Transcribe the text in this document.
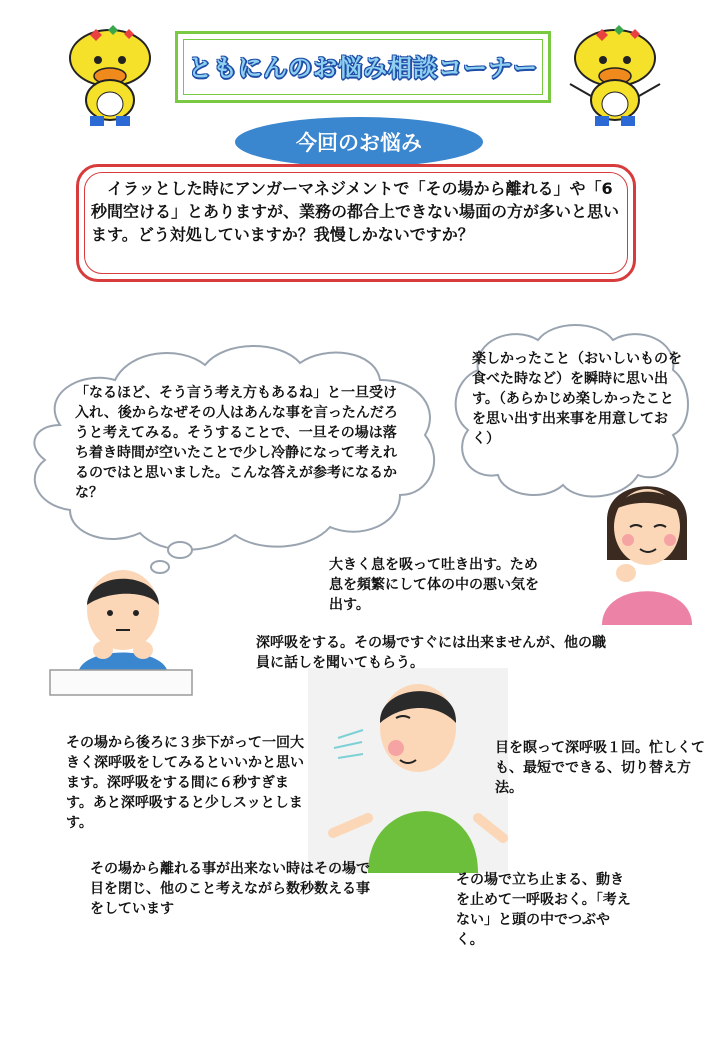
ともにんのお悩み相談コーナー
今回のお悩み
イラッとした時にアンガーマネジメントで「その場から離れる」や「6秒間空ける」とありますが、業務の都合上できない場面の方が多いと思います。どう対処していますか？我慢しかないですか？
「なるほど、そう言う考え方もあるね」と一旦受け入れ、後からなぜその人はあんな事を言ったんだろうと考えてみる。そうすることで、一旦その場は落ち着き時間が空いたことで少し冷静になって考えれるのではと思いました。こんな答えが参考になるかな？
楽しかったこと（おいしいものを食べた時など）を瞬時に思い出す。（あらかじめ楽しかったことを思い出す出来事を用意しておく）
大きく息を吸って吐き出す。ため息を頻繁にして体の中の悪い気を出す。
深呼吸をする。その場ですぐには出来ませんが、他の職員に話しを聞いてもらう。
その場から後ろに３歩下がって一回大きく深呼吸をしてみるといいかと思います。深呼吸をする間に６秒すぎます。あと深呼吸すると少しスッとします。
目を瞑って深呼吸１回。忙しくても、最短でできる、切り替え方法。
その場から離れる事が出来ない時はその場で目を閉じ、他のこと考えながら数秒数える事をしています
その場で立ち止まる、動きを止めて一呼吸おく。「考えない」と頭の中でつぶやく。
